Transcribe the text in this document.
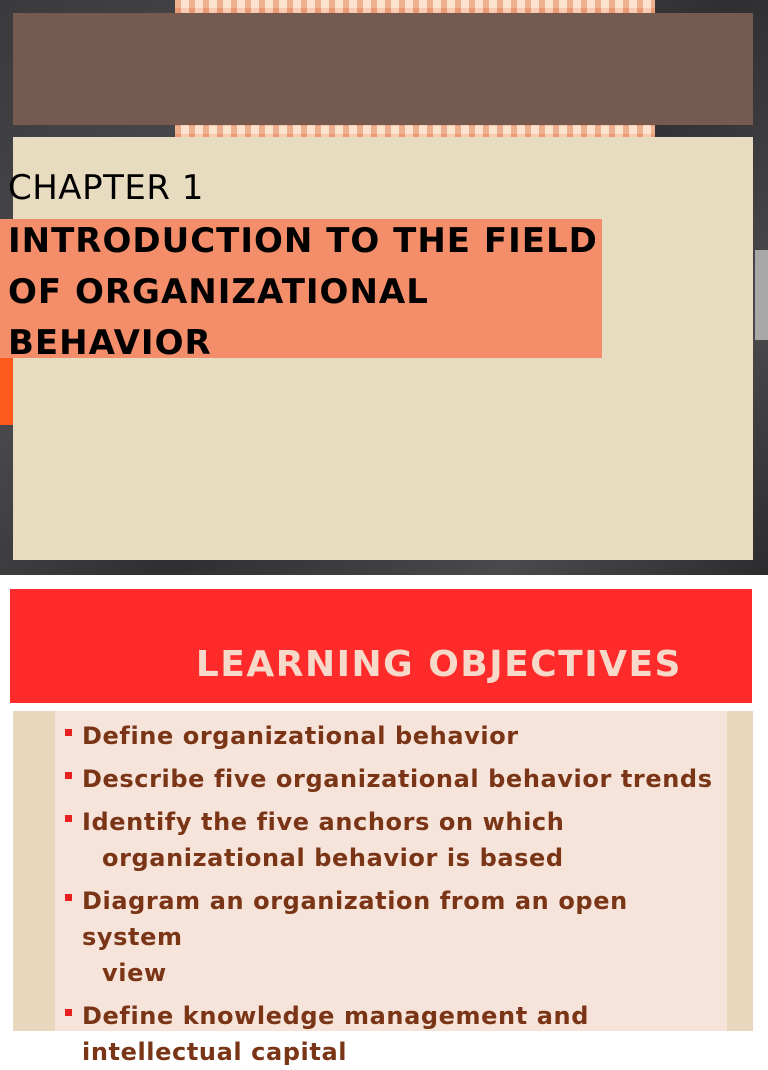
CHAPTER 1
INTRODUCTION TO THE FIELD OF ORGANIZATIONAL BEHAVIOR
LEARNING OBJECTIVES
Define organizational behavior
Describe five organizational behavior trends
Identify the five anchors on which
organizational behavior is based
Diagram an organization from an open system
view
Define knowledge management and
intellectual capital
